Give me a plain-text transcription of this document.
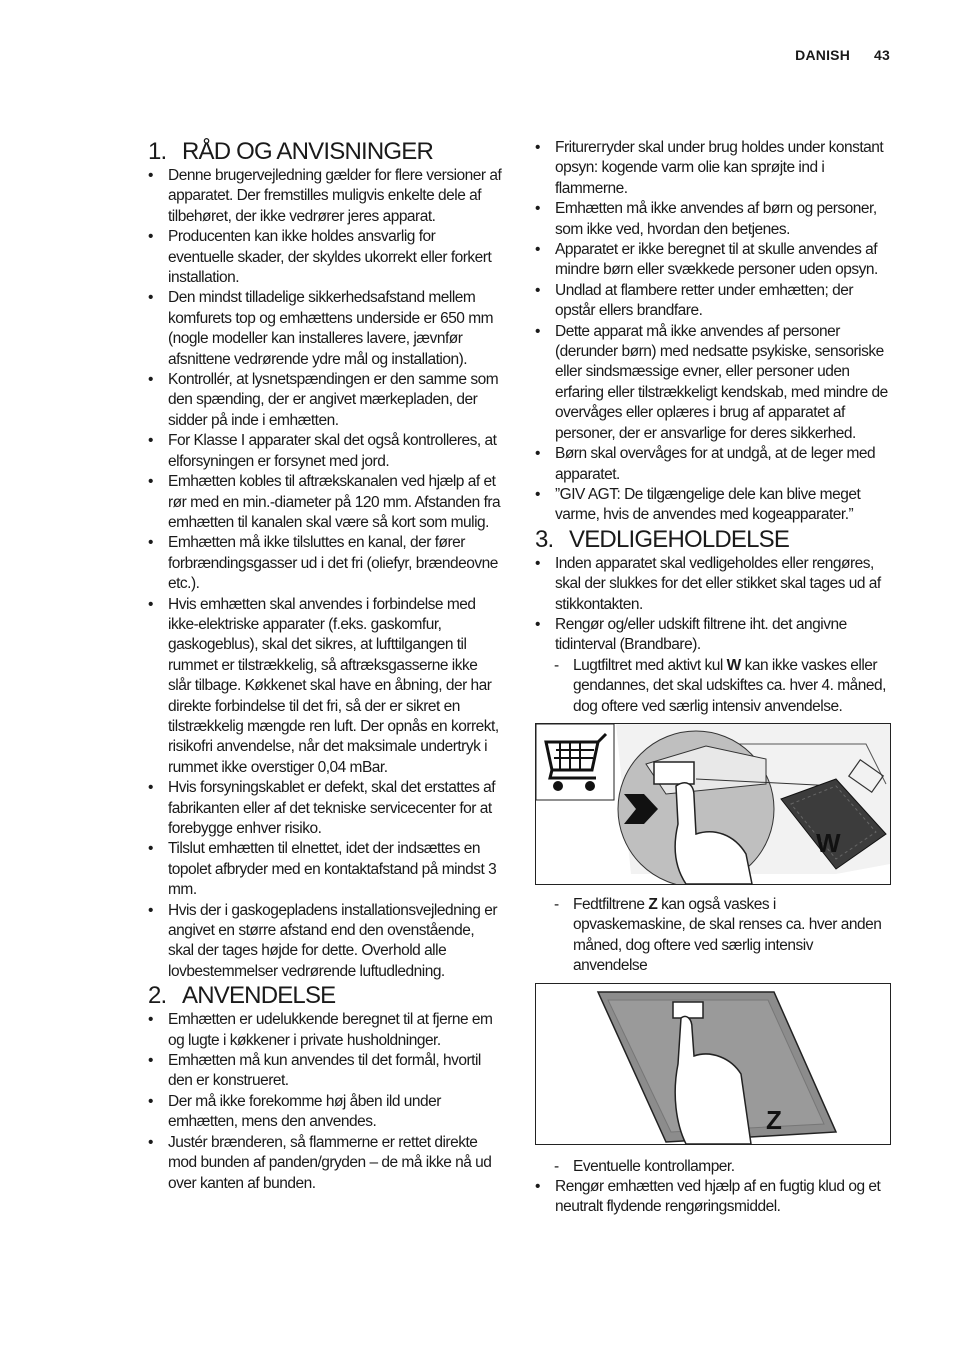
DANISH 43
1. RÅD OG ANVISNINGER
• Denne brugervejledning gælder for flere versioner af apparatet. Der fremstilles muligvis enkelte dele af tilbehøret, der ikke vedrører jeres apparat.
• Producenten kan ikke holdes ansvarlig for eventuelle skader, der skyldes ukorrekt eller forkert installation.
• Den mindst tilladelige sikkerhedsafstand mellem komfurets top og emhættens underside er 650 mm (nogle modeller kan installeres lavere, jævnfør afsnittene vedrørende ydre mål og installation).
• Kontrollér, at lysnetspændingen er den samme som den spænding, der er angivet mærkepladen, der sidder på inde i emhætten.
• For Klasse I apparater skal det også kontrolleres, at elforsyningen er forsynet med jord.
• Emhætten kobles til aftrækskanalen ved hjælp af et rør med en min.-diameter på 120 mm. Afstanden fra emhætten til kanalen skal være så kort som mulig.
• Emhætten må ikke tilsluttes en kanal, der fører forbrændingsgasser ud i det fri (oliefyr, brændeovne etc.).
• Hvis emhætten skal anvendes i forbindelse med ikke-elektriske apparater (f.eks. gaskomfur, gaskogeblus), skal det sikres, at lufttilgangen til rummet er tilstrækkelig, så aftræksgasserne ikke slår tilbage. Køkkenet skal have en åbning, der har direkte forbindelse til det fri, så der er sikret en tilstrækkelig mængde ren luft. Der opnås en korrekt, risikofri anvendelse, når det maksimale undertryk i rummet ikke overstiger 0,04 mBar.
• Hvis forsyningskablet er defekt, skal det erstattes af fabrikanten eller af det tekniske servicecenter for at forebygge enhver risiko.
• Tilslut emhætten til elnettet, idet der indsættes en topolet afbryder med en kontaktafstand på mindst 3 mm.
• Hvis der i gaskogepladens installationsvejledning er angivet en større afstand end den ovenstående, skal der tages højde for dette. Overhold alle lovbestemmelser vedrørende luftudledning.
2. ANVENDELSE
• Emhætten er udelukkende beregnet til at fjerne em og lugte i køkkener i private husholdninger.
• Emhætten må kun anvendes til det formål, hvortil den er konstrueret.
• Der må ikke forekomme høj åben ild under emhætten, mens den anvendes.
• Justér brænderen, så flammerne er rettet direkte mod bunden af panden/gryden – de må ikke nå ud over kanten af bunden.
• Friturегryder skal under brug holdes under konstant opsyn: kogende varm olie kan sprøjte ind i flammerne.
• Emhætten må ikke anvendes af børn og personer, som ikke ved, hvordan den betjenes.
• Apparatet er ikke beregnet til at skulle anvendes af mindre børn eller svækkede personer uden opsyn.
• Undlad at flambere retter under emhætten; der opstår ellers brandfare.
• Dette apparat må ikke anvendes af personer (derunder børn) med nedsatte psykiske, sensoriske eller sindsmæssige evner, eller personer uden erfaring eller tilstrækkeligt kendskab, med mindre de overvåges eller oplæres i brug af apparatet af personer, der er ansvarlige for deres sikkerhed.
• Børn skal overvåges for at undgå, at de leger med apparatet.
• ”GIV AGT: De tilgængelige dele kan blive meget varme, hvis de anvendes med kogeapparater.”
3. VEDLIGEHOLDELSE
• Inden apparatet skal vedligeholdes eller rengøres, skal der slukkes for det eller stikket skal tages ud af stikkontakten.
• Rengør og/eller udskift filtrene iht. det angivne tidinterval (Brandbare).
- Lugtfiltret med aktivt kul W kan ikke vaskes eller gendannes, det skal udskiftes ca. hver 4. måned, dog oftere ved særlig intensiv anvendelse.
W
- Fedtfiltrene Z kan også vaskes i opvaskemaskine, de skal renses ca. hver anden måned, dog oftere ved særlig intensiv anvendelse
Z
- Eventuelle kontrollamper.
• Rengør emhætten ved hjælp af en fugtig klud og et neutralt flydende rengøringsmiddel.
